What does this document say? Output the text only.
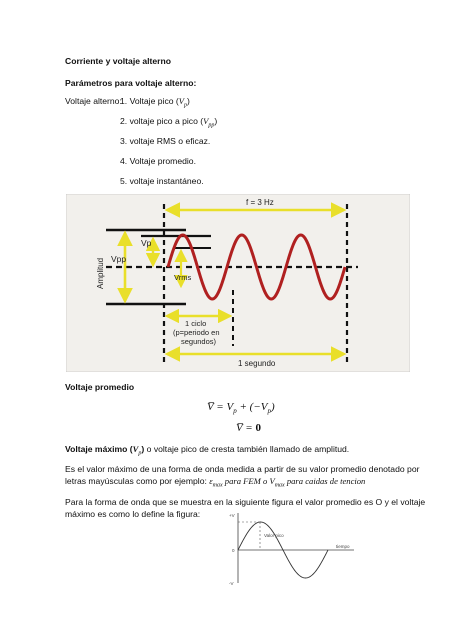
Corriente y voltaje alterno
Parámetros para voltaje alterno:
Voltaje alterno:
1. Voltaje pico $(V_p)$
2. voltaje pico a pico $(V_{pp})$
3. voltaje RMS o eficaz.
4. Voltaje promedio.
5. voltaje instantáneo.
f = 3 Hz
Amplitud Vpp
Vp
Vrms
1 ciclo
(p=periodo en
segundos)
1 segundo
Voltaje promedio
V̅ = $V_p + (-V_p)$
V̅ = 0
Voltaje máximo $(V_p)$ o voltaje pico de cresta también llamado de amplitud.
Es el valor máximo de una forma de onda medida a partir de su valor promedio denotado por
letras mayúsculas como por ejemplo: $\varepsilon_{max}$ para FEM o $V_{max}$ para caidas de tencion
Para la forma de onda que se muestra en la siguiente figura el valor promedio es O y el voltaje
máximo es como lo define la figura:	+V
0
-V
tiempo
Valor pico
